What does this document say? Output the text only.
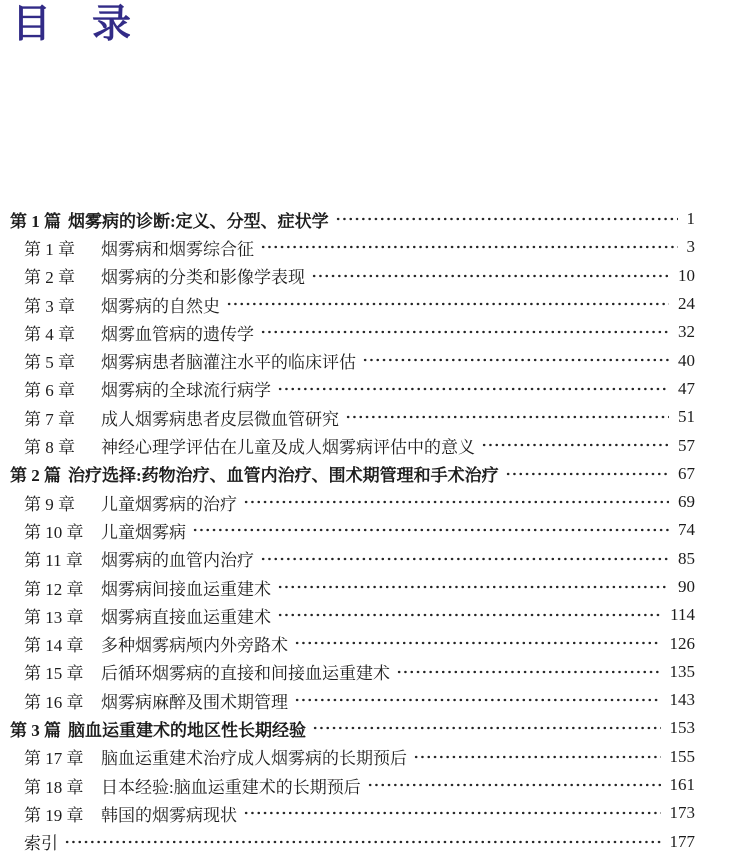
目　录
第 1 篇 烟雾病的诊断:定义、分型、症状学	1
第 1 章	烟雾病和烟雾综合征	3
第 2 章	烟雾病的分类和影像学表现	10
第 3 章	烟雾病的自然史	24
第 4 章	烟雾血管病的遗传学	32
第 5 章	烟雾病患者脑灌注水平的临床评估	40
第 6 章	烟雾病的全球流行病学	47
第 7 章	成人烟雾病患者皮层微血管研究	51
第 8 章	神经心理学评估在儿童及成人烟雾病评估中的意义	57
第 2 篇 治疗选择:药物治疗、血管内治疗、围术期管理和手术治疗	67
第 9 章	儿童烟雾病的治疗	69
第 10 章	儿童烟雾病	74
第 11 章	烟雾病的血管内治疗	85
第 12 章	烟雾病间接血运重建术	90
第 13 章	烟雾病直接血运重建术	114
第 14 章	多种烟雾病颅内外旁路术	126
第 15 章	后循环烟雾病的直接和间接血运重建术	135
第 16 章	烟雾病麻醉及围术期管理	143
第 3 篇 脑血运重建术的地区性长期经验	153
第 17 章	脑血运重建术治疗成人烟雾病的长期预后	155
第 18 章	日本经验:脑血运重建术的长期预后	161
第 19 章	韩国的烟雾病现状	173
索引	177
